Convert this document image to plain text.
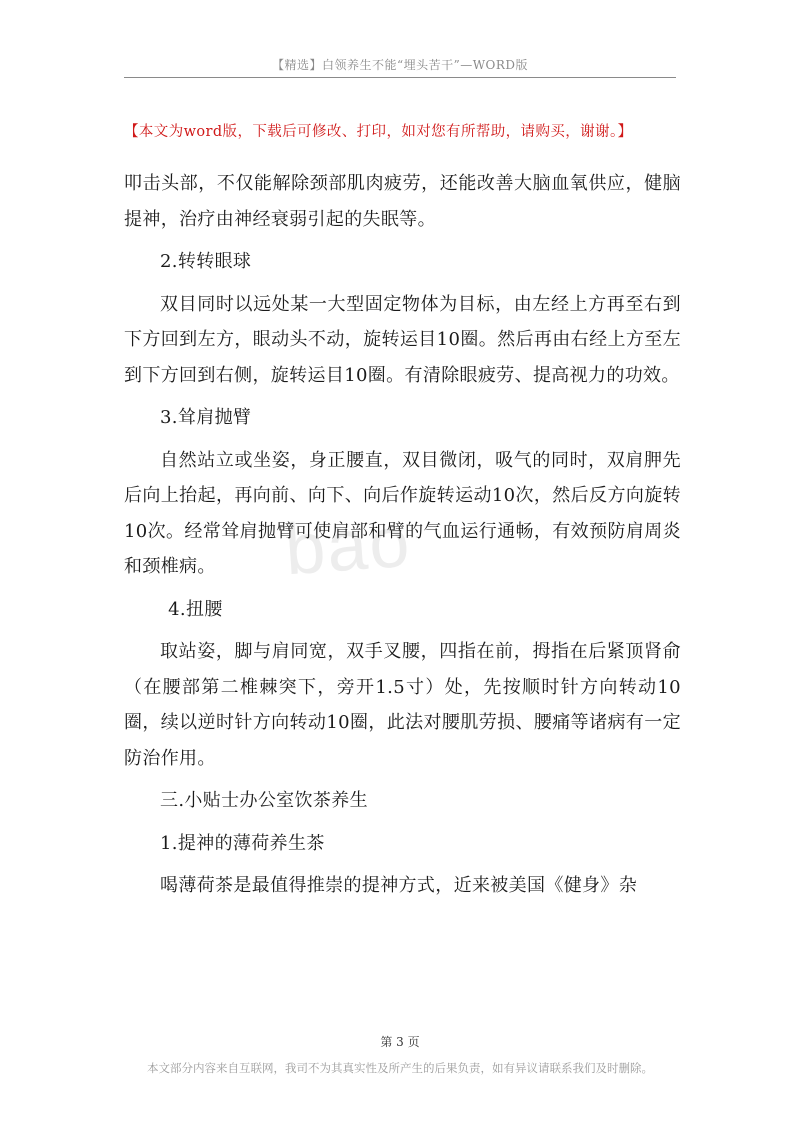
【精选】白领养生不能“埋头苦干”—WORD版
【本文为word版，下载后可修改、打印，如对您有所帮助，请购买，谢谢。】
bao

叩击头部，不仅能解除颈部肌肉疲劳，还能改善大脑血氧供应，健脑提神，治疗由神经衰弱引起的失眠等。

2.转转眼球

双目同时以远处某一大型固定物体为目标，由左经上方再至右到下方回到左方，眼动头不动，旋转运目10圈。然后再由右经上方至左到下方回到右侧，旋转运目10圈。有清除眼疲劳、提高视力的功效。

3.耸肩抛臂

自然站立或坐姿，身正腰直，双目微闭，吸气的同时，双肩胛先后向上抬起，再向前、向下、向后作旋转运动10次，然后反方向旋转10次。经常耸肩抛臂可使肩部和臂的气血运行通畅，有效预防肩周炎和颈椎病。

4.扭腰

取站姿，脚与肩同宽，双手叉腰，四指在前，拇指在后紧顶肾俞（在腰部第二椎棘突下，旁开1.5寸）处，先按顺时针方向转动10圈，续以逆时针方向转动10圈，此法对腰肌劳损、腰痛等诸病有一定防治作用。

三.小贴士办公室饮茶养生
1.提神的薄荷养生茶

喝薄荷茶是最值得推崇的提神方式，近来被美国《健身》杂

第 3 页
本文部分内容来自互联网，我司不为其真实性及所产生的后果负责，如有异议请联系我们及时删除。
